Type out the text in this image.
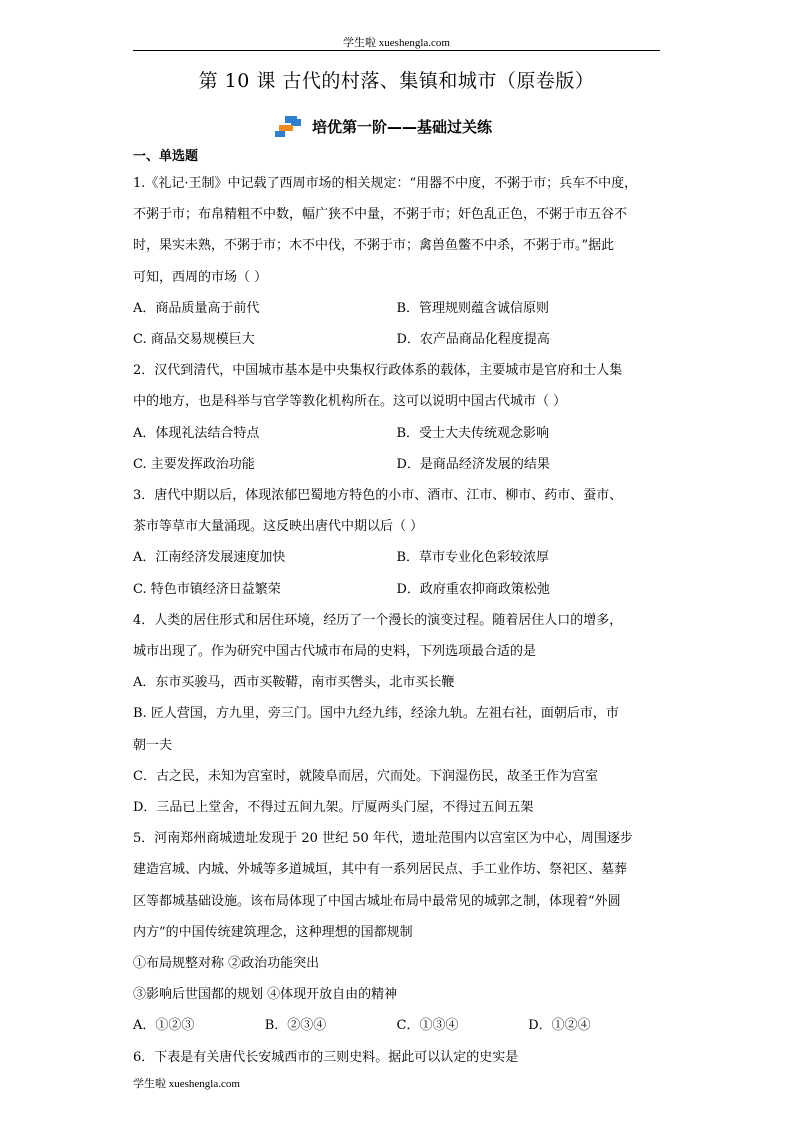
学生啦 xueshengla.com
第 10 课 古代的村落、集镇和城市（原卷版）
培优第一阶——基础过关练
一、单选题

1.《礼记·王制》中记载了西周市场的相关规定：“用器不中度，不粥于市；兵车不中度，

不粥于市；布帛精粗不中数，幅广狭不中量，不粥于市；奸色乱正色，不粥于市五谷不

时，果实未熟，不粥于市；木不中伐，不粥于市；禽兽鱼鳖不中杀，不粥于市。”据此

可知，西周的市场（ ）

A．商品质量高于前代	B．管理规则蕴含诚信原则
C. 商品交易规模巨大	D．农产品商品化程度提高

2．汉代到清代，中国城市基本是中央集权行政体系的载体，主要城市是官府和士人集

中的地方，也是科举与官学等教化机构所在。这可以说明中国古代城市（ ）

A．体现礼法结合特点	B．受士大夫传统观念影响
C. 主要发挥政治功能	D．是商品经济发展的结果

3．唐代中期以后，体现浓郁巴蜀地方特色的小市、酒市、江市、柳市、药市、蚕市、

茶市等草市大量涌现。这反映出唐代中期以后（ ）

A．江南经济发展速度加快	B．草市专业化色彩较浓厚
C. 特色市镇经济日益繁荣	D．政府重农抑商政策松弛

4．人类的居住形式和居住环境，经历了一个漫长的演变过程。随着居住人口的增多，

城市出现了。作为研究中国古代城市布局的史料，下列选项最合适的是

A．东市买骏马，西市买鞍鞯，南市买辔头，北市买长鞭

B. 匠人营国，方九里，旁三门。国中九经九纬，经涂九轨。左祖右社，面朝后市，市

朝一夫

C．古之民，未知为宫室时，就陵阜而居，穴而处。下润湿伤民，故圣王作为宫室

D．三品已上堂舍，不得过五间九架。厅厦两头门屋，不得过五间五架

5．河南郑州商城遗址发现于 20 世纪 50 年代，遗址范围内以宫室区为中心，周围逐步

建造宫城、内城、外城等多道城垣，其中有一系列居民点、手工业作坊、祭祀区、墓葬

区等都城基础设施。该布局体现了中国古城址布局中最常见的城郭之制，体现着“外圆

内方”的中国传统建筑理念，这种理想的国都规制

①布局规整对称 ②政治功能突出

③影响后世国都的规划 ④体现开放自由的精神

A．①②③	B．②③④	C．①③④	D．①②④

6．下表是有关唐代长安城西市的三则史料。据此可以认定的史实是

学生啦 xueshengla.com
